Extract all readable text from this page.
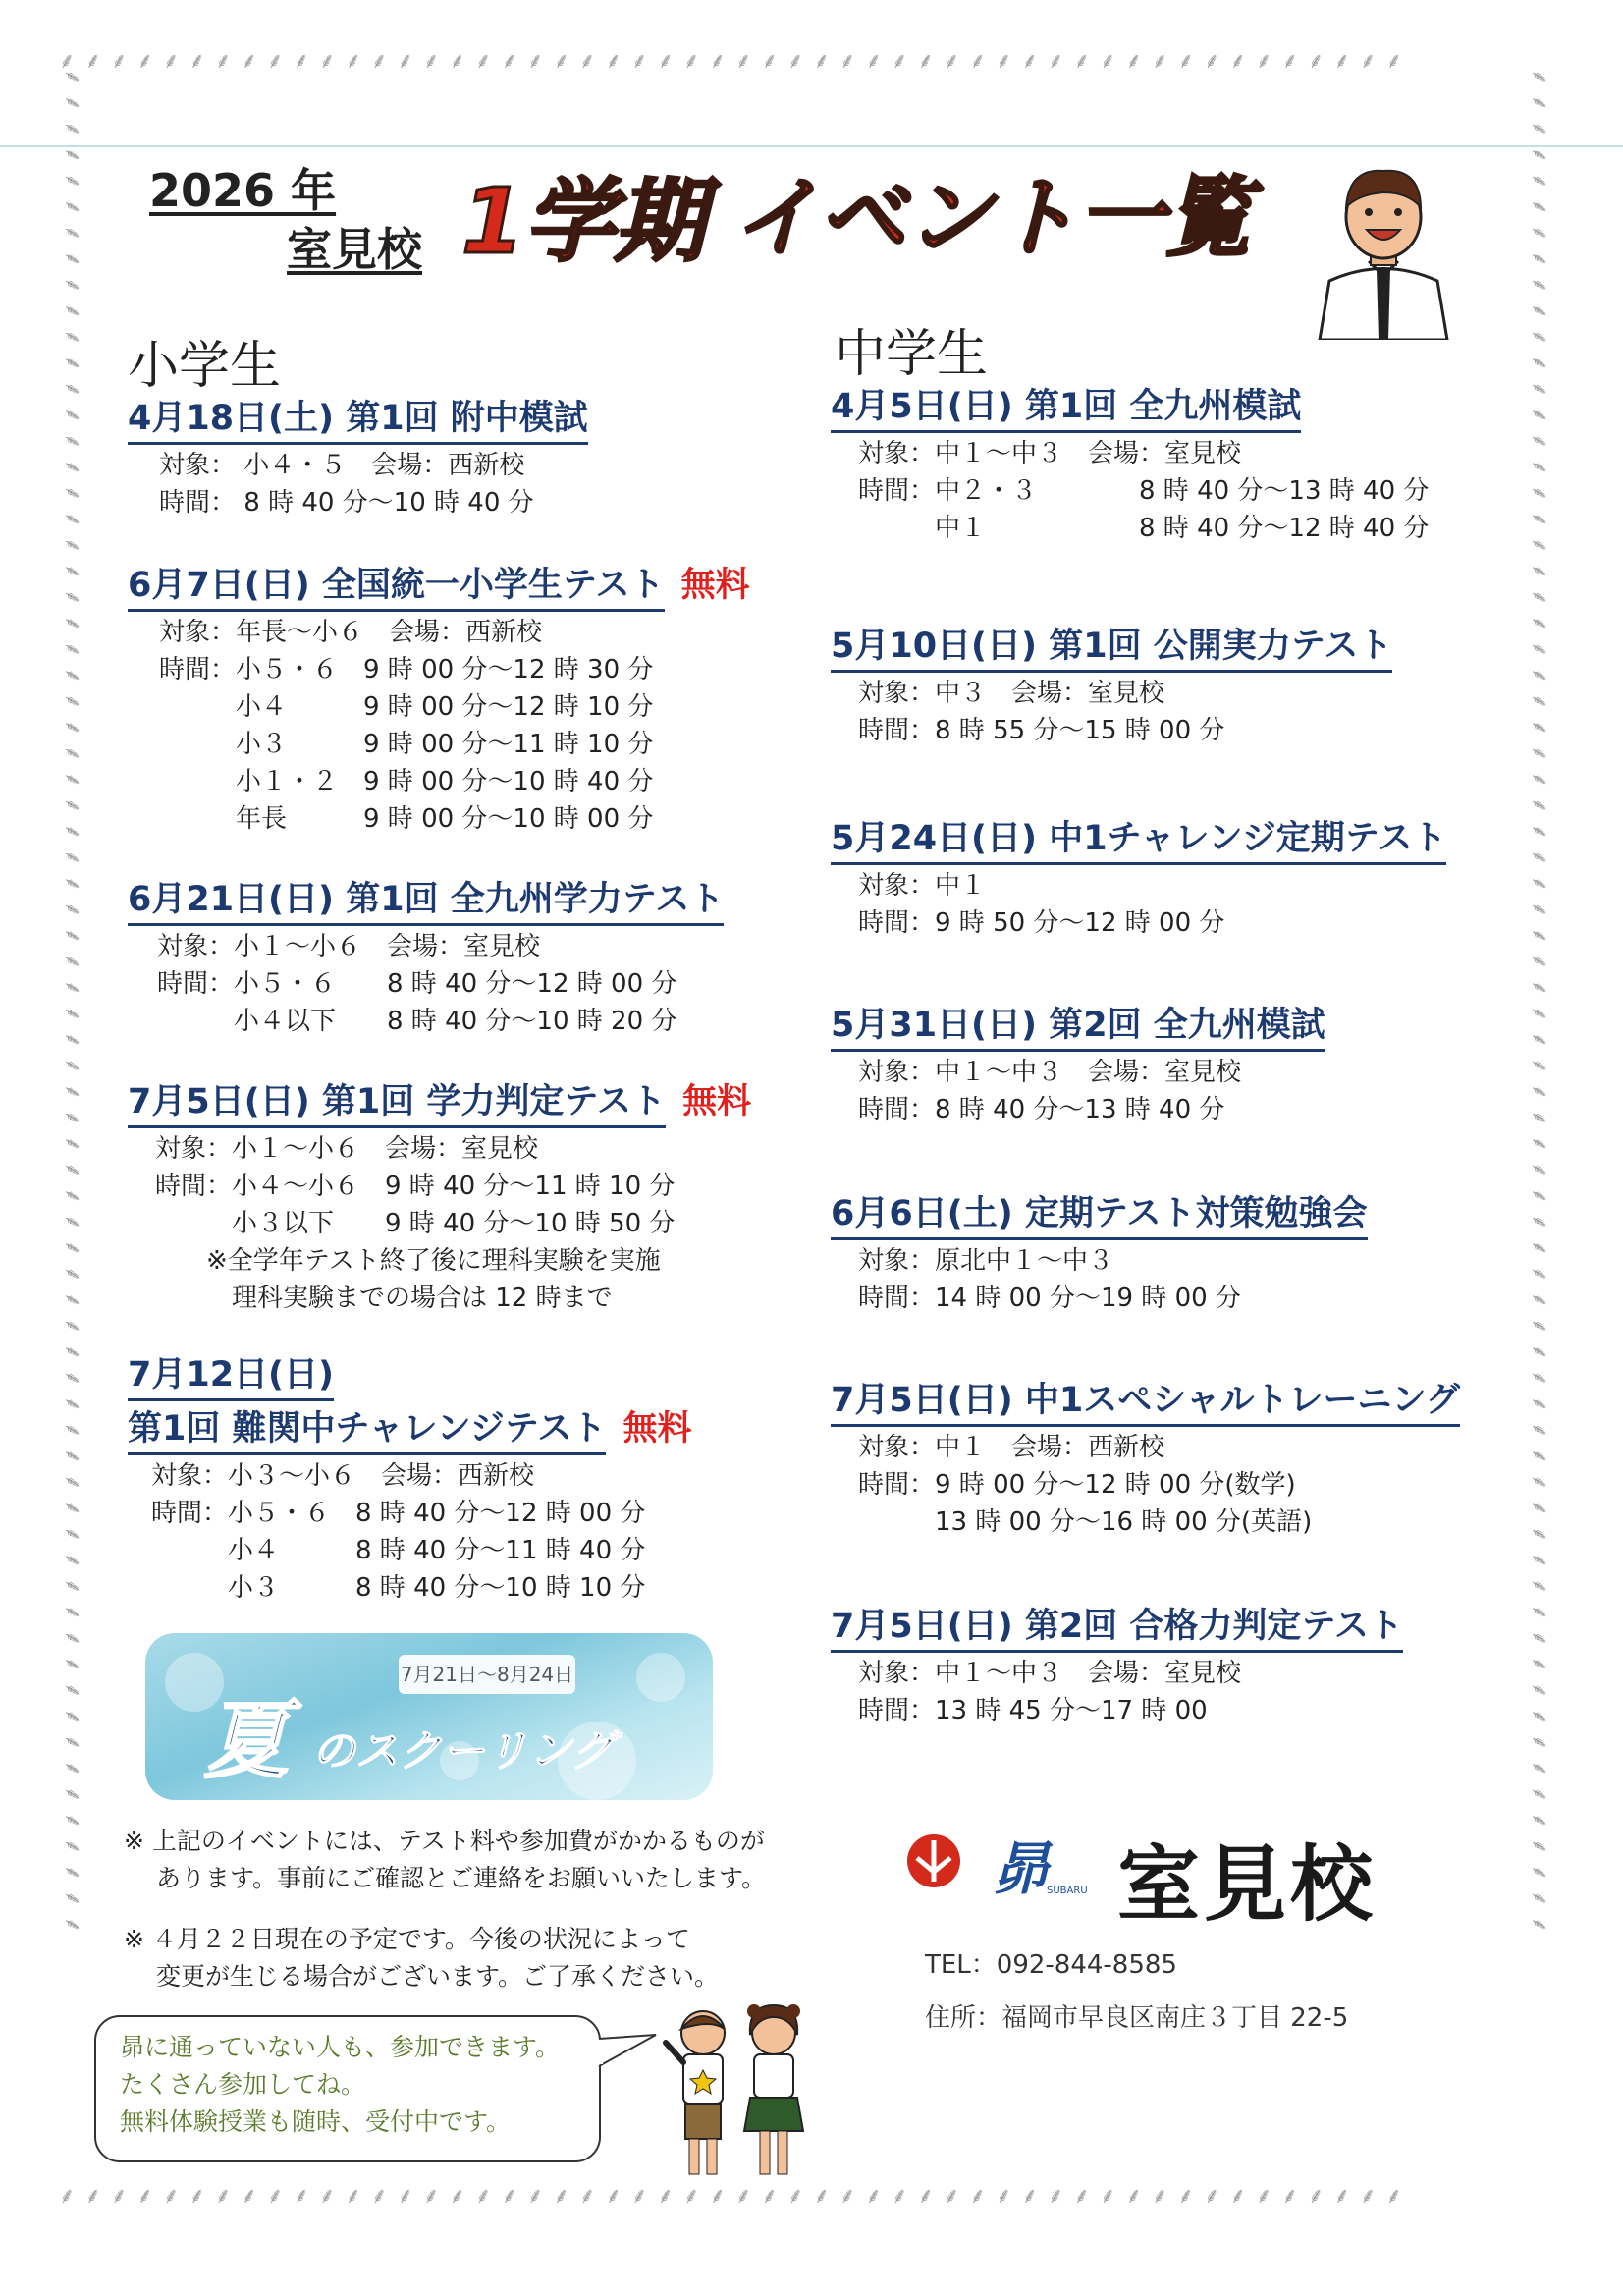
⸙⸙⸙⸙⸙⸙⸙⸙⸙⸙⸙⸙⸙⸙⸙⸙⸙⸙⸙⸙⸙⸙⸙⸙⸙⸙⸙⸙⸙⸙⸙⸙⸙⸙⸙⸙⸙⸙⸙⸙⸙⸙⸙⸙⸙⸙⸙⸙⸙⸙⸙⸙
⸙⸙⸙⸙⸙⸙⸙⸙⸙⸙⸙⸙⸙⸙⸙⸙⸙⸙⸙⸙⸙⸙⸙⸙⸙⸙⸙⸙⸙⸙⸙⸙⸙⸙⸙⸙⸙⸙⸙⸙⸙⸙⸙⸙⸙⸙⸙⸙⸙⸙⸙⸙
⸙⸙⸙⸙⸙⸙⸙⸙⸙⸙⸙⸙⸙⸙⸙⸙⸙⸙⸙⸙⸙⸙⸙⸙⸙⸙⸙⸙⸙⸙⸙⸙⸙⸙⸙⸙⸙⸙⸙⸙⸙⸙⸙⸙⸙⸙⸙⸙⸙⸙⸙⸙⸙⸙⸙⸙⸙⸙⸙⸙⸙⸙⸙⸙⸙⸙⸙⸙⸙⸙⸙⸙	⸙⸙⸙⸙⸙⸙⸙⸙⸙⸙⸙⸙⸙⸙⸙⸙⸙⸙⸙⸙⸙⸙⸙⸙⸙⸙⸙⸙⸙⸙⸙⸙⸙⸙⸙⸙⸙⸙⸙⸙⸙⸙⸙⸙⸙⸙⸙⸙⸙⸙⸙⸙⸙⸙⸙⸙⸙⸙⸙⸙⸙⸙⸙⸙⸙⸙⸙⸙⸙⸙⸙⸙
2026 年
室見校 1学期 イベント一覧
小学生
4月18日(土) 第1回 附中模試
対象： 小４・５　会場：西新校
時間： 8 時 40 分〜10 時 40 分
6月7日(日) 全国統一小学生テスト 無料
対象：年長〜小６　会場：西新校
時間：小５・６　9 時 00 分〜12 時 30 分
　　　小４　　　9 時 00 分〜12 時 10 分
　　　小３　　　9 時 00 分〜11 時 10 分
　　　小１・２　9 時 00 分〜10 時 40 分
　　　年長　　　9 時 00 分〜10 時 00 分
6月21日(日) 第1回 全九州学力テスト
対象：小１〜小６　会場：室見校
時間：小５・６　　8 時 40 分〜12 時 00 分
　　　小４以下　　8 時 40 分〜10 時 20 分
7月5日(日) 第1回 学力判定テスト 無料
対象：小１〜小６　会場：室見校
時間：小４〜小６　9 時 40 分〜11 時 10 分
　　　小３以下　　9 時 40 分〜10 時 50 分
　　※全学年テスト終了後に理科実験を実施
　　　理科実験までの場合は 12 時まで
7月12日(日)
第1回 難関中チャレンジテスト 無料
対象：小３〜小６　会場：西新校
時間：小５・６　8 時 40 分〜12 時 00 分
　　　小４　　　8 時 40 分〜11 時 40 分
　　　小３　　　8 時 40 分〜10 時 10 分
7月21日〜8月24日
夏 のスクーリング
※ 上記のイベントには、テスト料や参加費がかかるものが
　 あります。事前にご確認とご連絡をお願いいたします。
※ ４月２２日現在の予定です。今後の状況によって
　 変更が生じる場合がございます。ご了承ください。
昴に通っていない人も、参加できます。
たくさん参加してね。
無料体験授業も随時、受付中です。
中学生
4月5日(日) 第1回 全九州模試
対象：中１〜中３　会場：室見校
時間：中２・３　　　　8 時 40 分〜13 時 40 分
　　　中１　　　　　　8 時 40 分〜12 時 40 分
5月10日(日) 第1回 公開実力テスト
対象：中３　会場：室見校
時間：8 時 55 分〜15 時 00 分
5月24日(日) 中1チャレンジ定期テスト
対象：中１
時間：9 時 50 分〜12 時 00 分
5月31日(日) 第2回 全九州模試
対象：中１〜中３　会場：室見校
時間：8 時 40 分〜13 時 40 分
6月6日(土) 定期テスト対策勉強会
対象：原北中１〜中３
時間：14 時 00 分〜19 時 00 分
7月5日(日) 中1スペシャルトレーニング
対象：中１　会場：西新校
時間：9 時 00 分〜12 時 00 分(数学)
　　　13 時 00 分〜16 時 00 分(英語)
7月5日(日) 第2回 合格力判定テスト
対象：中１〜中３　会場：室見校
時間：13 時 45 分〜17 時 00
昴
SUBARU 室見校
TEL：092-844-8585
住所：福岡市早良区南庄３丁目 22-5
